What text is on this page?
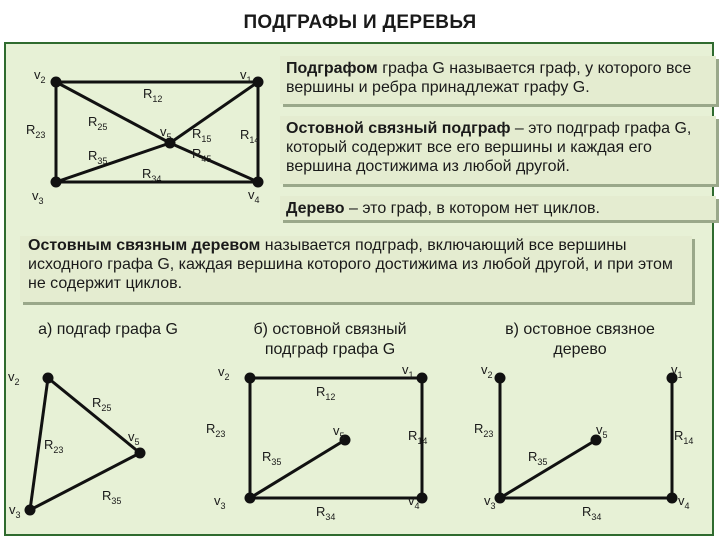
ПОДГРАФЫ И ДЕРЕВЬЯ
Подграфом графа G называется граф, у которого все вершины и ребра принадлежат графу G.
Остовной связный подграф – это подграф графа G, который содержит все его вершины и каждая его вершина достижима из любой другой.
Дерево – это граф, в котором нет циклов.
Остовным связным деревом называется подграф, включающий все вершины исходного графа G, каждая вершина которого достижима из любой другой, и при этом не содержит циклов.
а) подгаф графа G	б) остовной связный подграф графа G
в) остовное связное дерево
$v_2$	$v_1$
$v_5$
$v_3$	$v_4$
$R_{12}$
$R_{23}$
$R_{25}$	$R_{15}$ $R_{14}$
$R_{35}$
$R_{34}$
$R_{45}$
$v_2$
$v_5$
$v_3$
$R_{25}$
$R_{23}$
$R_{35}$
$v_2$	$v_1$
$v_5$
$v_3$	$v_4$
$R_{12}$
$R_{23}$	$R_{14}$
$R_{35}$
$R_{34}$
$v_2$	$v_1$
$v_5$
$v_3$	$v_4$
$R_{23}$	$R_{14}$
$R_{35}$
$R_{34}$
